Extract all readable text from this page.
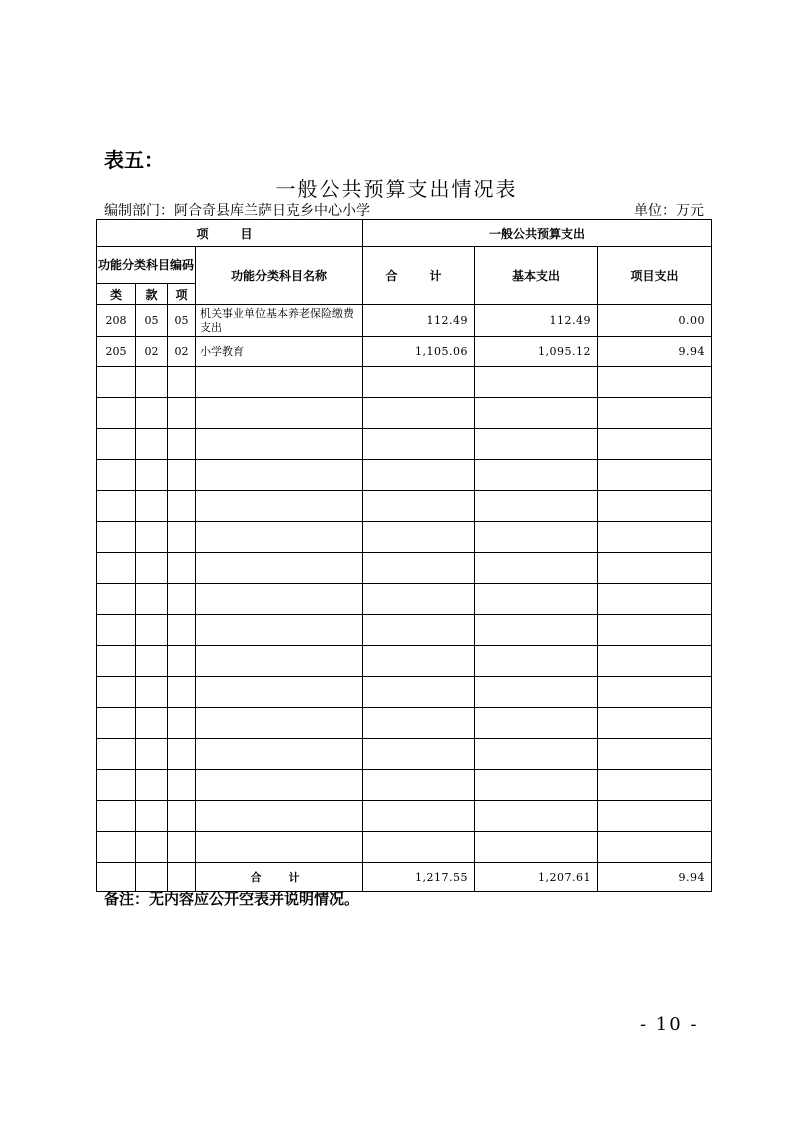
表五：
一般公共预算支出情况表
编制部门：阿合奇县库兰萨日克乡中心小学	单位：万元
项　目				一般公共预算支出		
功能分类科目编码			功能分类科目名称	合　计	基本支出	项目支出
类	款	项				
208	05	05	机关事业单位基本养老保险缴费支出	112.49	112.49	0.00
205	02	02	小学教育	1,105.06	1,095.12	9.94

			合　计	1,217.55	1,207.61	9.94
备注：无内容应公开空表并说明情况。
- 10 -
